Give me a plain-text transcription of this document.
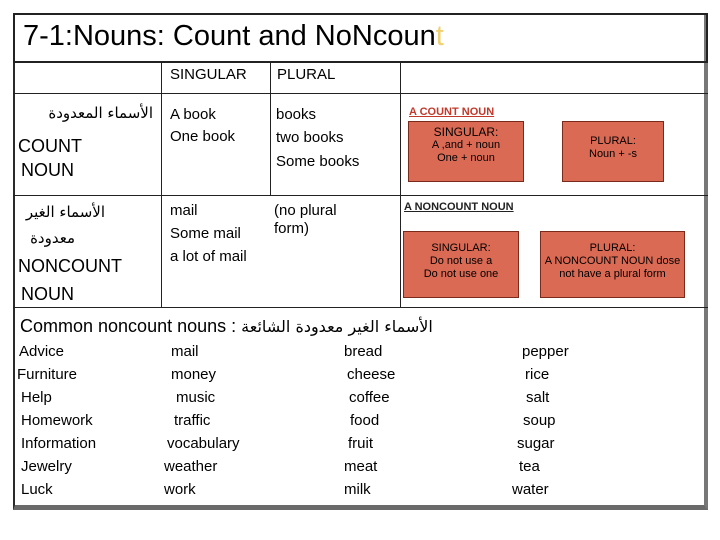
7-1:Nouns: Count and NoNcount
SINGULAR PLURAL
الأسماء المعدودة
COUNT
NOUN
A book
One book
books
two books
Some books
الأسماء الغير
معدودة
NONCOUNT
NOUN
mail
Some mail
a lot of mail
(no plural
form)
A COUNT NOUN
SINGULAR:
A ,and + noun
One + noun
PLURAL:
Noun + -s
A NONCOUNT NOUN
SINGULAR:
Do not use a
Do not use one
PLURAL:
A NONCOUNT NOUN dose
not have a plural form
Common noncount nouns : الأسماء الغير معدودة الشائعة
Advice
Furniture
Help
Homework
Information
Jewelry
Luck
mail
money
music
traffic
vocabulary
weather
work
bread
cheese
coffee
food
fruit
meat
milk
pepper
rice
salt
soup
sugar
tea
water
